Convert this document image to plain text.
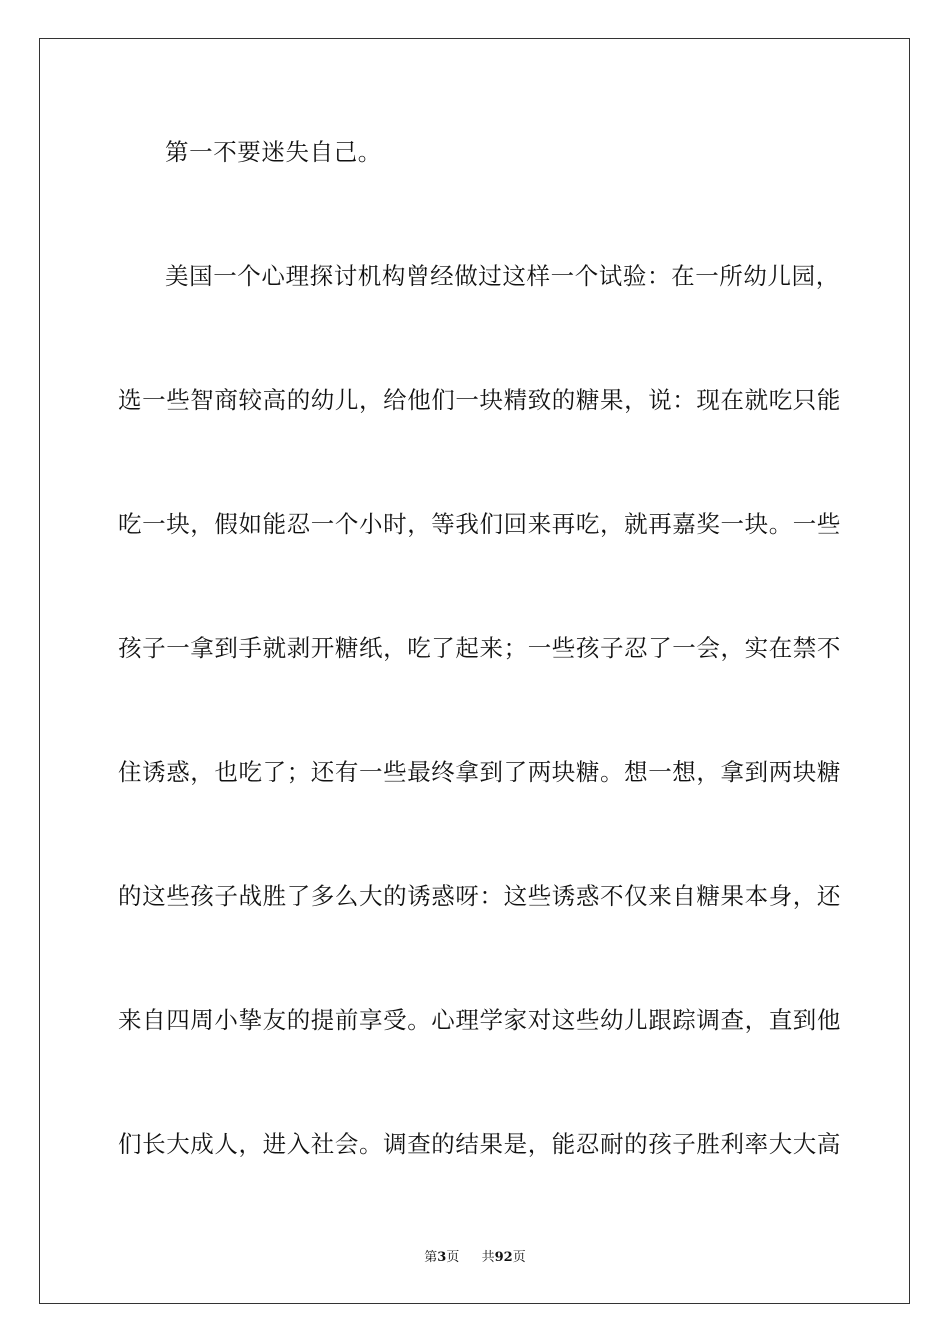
第一不要迷失自己。
美国一个心理探讨机构曾经做过这样一个试验：在一所幼儿园，
选一些智商较高的幼儿，给他们一块精致的糖果，说：现在就吃只能
吃一块，假如能忍一个小时，等我们回来再吃，就再嘉奖一块。一些
孩子一拿到手就剥开糖纸，吃了起来；一些孩子忍了一会，实在禁不
住诱惑，也吃了；还有一些最终拿到了两块糖。想一想，拿到两块糖
的这些孩子战胜了多么大的诱惑呀：这些诱惑不仅来自糖果本身，还
来自四周小挚友的提前享受。心理学家对这些幼儿跟踪调查，直到他
们长大成人，进入社会。调查的结果是，能忍耐的孩子胜利率大大高
第3页 共92页
